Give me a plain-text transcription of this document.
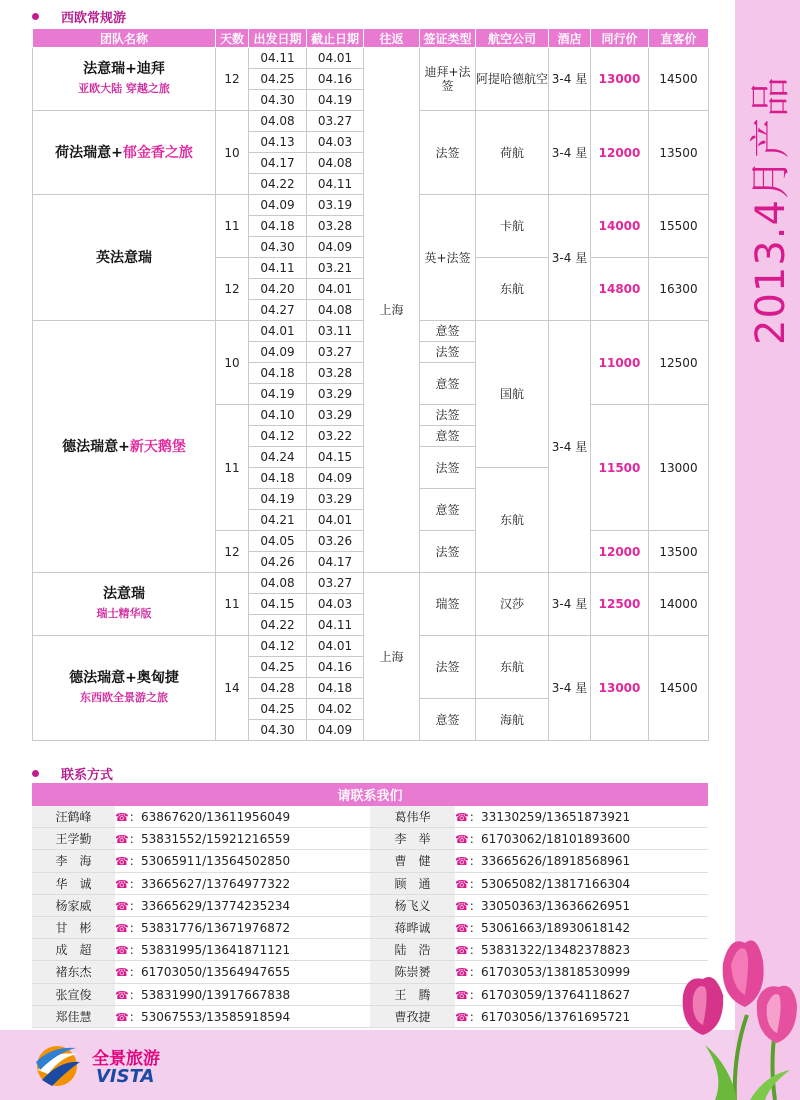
2013.4月产品
西欧常规游
团队名称	天数	出发日期	截止日期	往返	签证类型	航空公司	酒店	同行价	直客价
法意瑞+迪拜
亚欧大陆 穿越之旅	12	04.11	04.01	上海	迪拜+法签	阿提哈德航空	3-4 星	13000	14500
		04.25	04.16						
		04.30	04.19						
荷法瑞意+郁金香之旅	10	04.08	03.27		法签	荷航	3-4 星	12000	13500
		04.13	04.03						
		04.17	04.08						
		04.22	04.11						
英法意瑞	11	04.09	03.19		英+法签	卡航	3-4 星	14000	15500
		04.18	03.28						
		04.30	04.09						
	12	04.11	03.21			东航		14800	16300
		04.20	04.01						
		04.27	04.08						
德法瑞意+新天鹅堡	10	04.01	03.11		意签	国航	3-4 星	11000	12500
		04.09	03.27		法签				
		04.18	03.28		意签				
		04.19	03.29						
	11	04.10	03.29		法签			11500	13000
		04.12	03.22		意签				
		04.24	04.15		法签				
		04.18	04.09			东航			
		04.19	03.29		意签				
		04.21	04.01						
	12	04.05	03.26		法签			12000	13500
		04.26	04.17						
法意瑞
瑞士精华版	11	04.08	03.27	上海	瑞签	汉莎	3-4 星	12500	14000
		04.15	04.03						
		04.22	04.11						
德法瑞意+奥匈捷
东西欧全景游之旅	14	04.12	04.01		法签	东航	3-4 星	13000	14500
		04.25	04.16						
		04.28	04.18						
		04.25	04.02		意签	海航			
		04.30	04.09						
联系方式
请联系我们			
汪鹤峰	☎：63867620/13611956049	葛伟华	☎：33130259/13651873921
王学勤	☎：53831552/15921216559	李　举	☎：61703062/18101893600
李　海	☎：53065911/13564502850	曹　健	☎：33665626/18918568961
华　诚	☎：33665627/13764977322	顾　通	☎：53065082/13817166304
杨家威	☎：33665629/13774235234	杨飞义	☎：33050363/13636626951
甘　彬	☎：53831776/13671976872	蒋晔诚	☎：53061663/18930618142
成　超	☎：53831995/13641871121	陆　浩	☎：53831322/13482378823
褚东杰	☎：61703050/13564947655	陈崇赟	☎：61703053/13818530999
张宣俊	☎：53831990/13917667838	王　腾	☎：61703059/13764118627
郑佳慧	☎：53067553/13585918594	曹孜捷	☎：61703056/13761695721
全景旅游
VISTA
